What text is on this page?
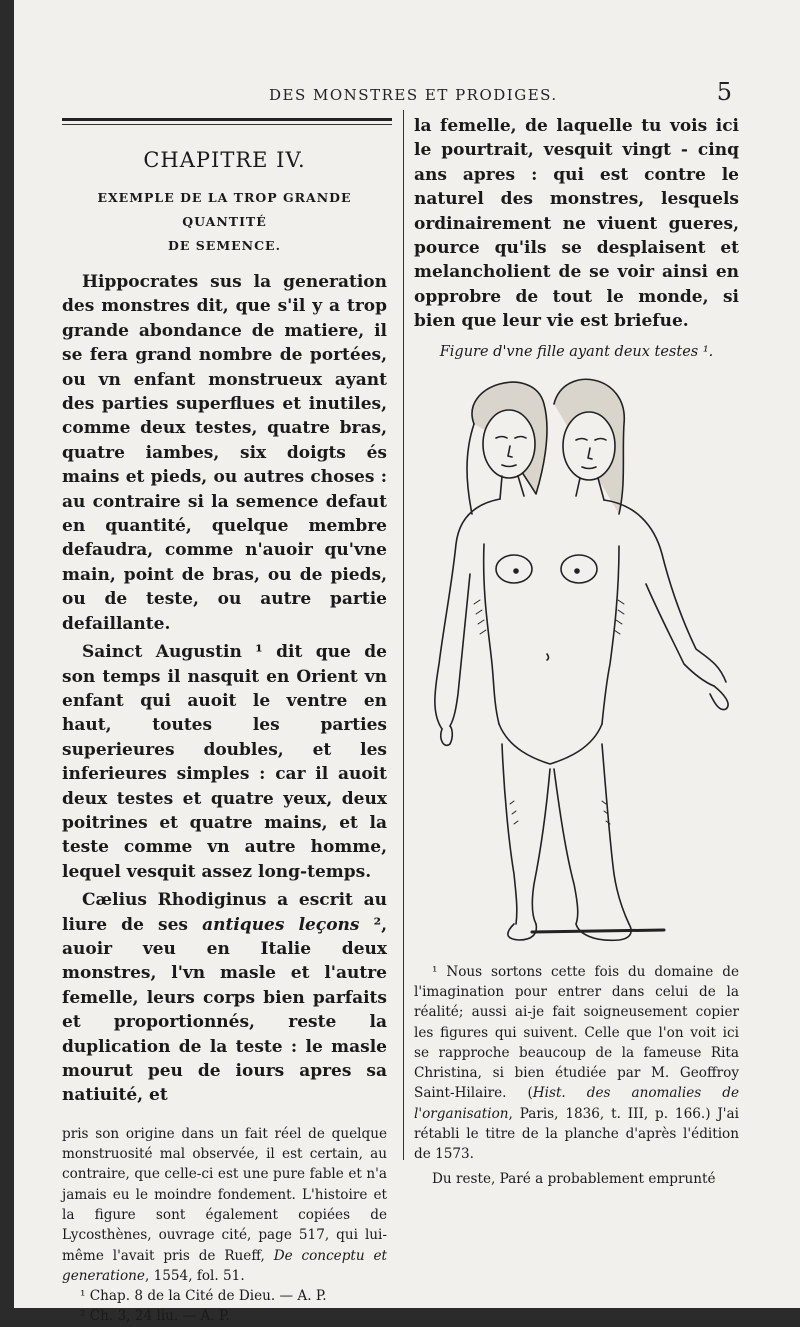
DES MONSTRES ET PRODIGES.	5
CHAPITRE IV.
EXEMPLE DE LA TROP GRANDE QUANTITÉ
DE SEMENCE.

Hippocrates sus la generation des monstres dit, que s'il y a trop grande abondance de matiere, il se fera grand nombre de portées, ou vn enfant monstrueux ayant des parties superflues et inutiles, comme deux testes, quatre bras, quatre iambes, six doigts és mains et pieds, ou autres choses : au contraire si la semence defaut en quantité, quelque membre defaudra, comme n'auoir qu'vne main, point de bras, ou de pieds, ou de teste, ou autre partie defaillante.

Sainct Augustin ¹ dit que de son temps il nasquit en Orient vn enfant qui auoit le ventre en haut, toutes les parties superieures doubles, et les inferieures simples : car il auoit deux testes et quatre yeux, deux poitrines et quatre mains, et la teste comme vn autre homme, lequel vesquit assez long-temps.

Cælius Rhodiginus a escrit au liure de ses antiques leçons ², auoir veu en Italie deux monstres, l'vn masle et l'autre femelle, leurs corps bien parfaits et proportionnés, reste la duplication de la teste : le masle mourut peu de iours apres sa natiuité, et

pris son origine dans un fait réel de quelque monstruosité mal observée, il est certain, au contraire, que celle-ci est une pure fable et n'a jamais eu le moindre fondement. L'histoire et la figure sont également copiées de Lycosthènes, ouvrage cité, page 517, qui lui-même l'avait pris de Rueff, De conceptu et generatione, 1554, fol. 51.

¹ Chap. 8 de la Cité de Dieu. — A. P.

² Ch. 3, 24 liu. — A. P.

la femelle, de laquelle tu vois ici le pourtrait, vesquit vingt - cinq ans apres : qui est contre le naturel des monstres, lesquels ordinairement ne viuent gueres, pource qu'ils se desplaisent et melancholient de se voir ainsi en opprobre de tout le monde, si bien que leur vie est briefue.

Figure d'vne fille ayant deux testes ¹.

¹ Nous sortons cette fois du domaine de l'imagination pour entrer dans celui de la réalité; aussi ai-je fait soigneusement copier les figures qui suivent. Celle que l'on voit ici se rapproche beaucoup de la fameuse Rita Christina, si bien étudiée par M. Geoffroy Saint-Hilaire. (Hist. des anomalies de l'organisation, Paris, 1836, t. III, p. 166.) J'ai rétabli le titre de la planche d'après l'édition de 1573.

Du reste, Paré a probablement emprunté
